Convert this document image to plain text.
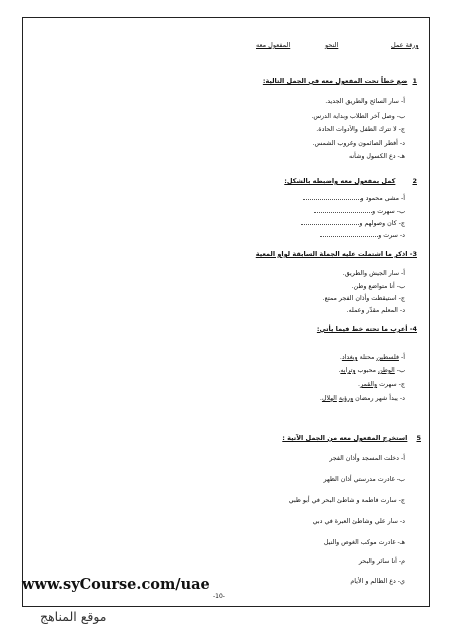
ورقة عمل
النحو
المفعول معه
1 ضع خطاً تحت المفعول معه في الجمل التالية:
أ- سار السائح والطريق الجديد.
ب- وصل آخر الطلاب وبداية الدرس.
ج- لا تترك الطفل والأدوات الحادة.
د- أفطر الصائمون وغروب الشمس.
هـ- دع الكسول وشأنه
2 كمل بمفعول معه واضبطه بالشكل:
أ- مشى محمود و
ب- سهرت و
ج- كان وصولهم و
د- سرت و
3- اذكر ما اشتملت عليه الجملة السابقة لواو المعية
أ- سار الجيش والطريق.
ب- أنا متواضع وطن.
ج- استيقظت وأذان الفجر ممتع.
د- المعلم مقدّر وعمله.
4- أعرب ما تحته خط فيما يأتي:
أ- فلسطين محتلة وبغداد.
ب- الوطن محبوب وترابه.
ج- سهرت والقمر.
د- يبدأ شهر رمضان ورؤية الهلال.
5 استخرج المفعول معه من الجمل الآتية :
أ- دخلت المسجد وأذان الفجر
ب- غادرت مدرستي أذان الظهر
ج- سارت فاطمة و شاطئ البحر في أبو ظبي
د- سار علي وشاطئ العبرة في دبي
هـ- غادرت موكب الغوص والنيل
م- أنا سائر والبحر
ي- دع الظالم و الأيام
www.syCourse.com/uae
-10-
موقع المناهج
